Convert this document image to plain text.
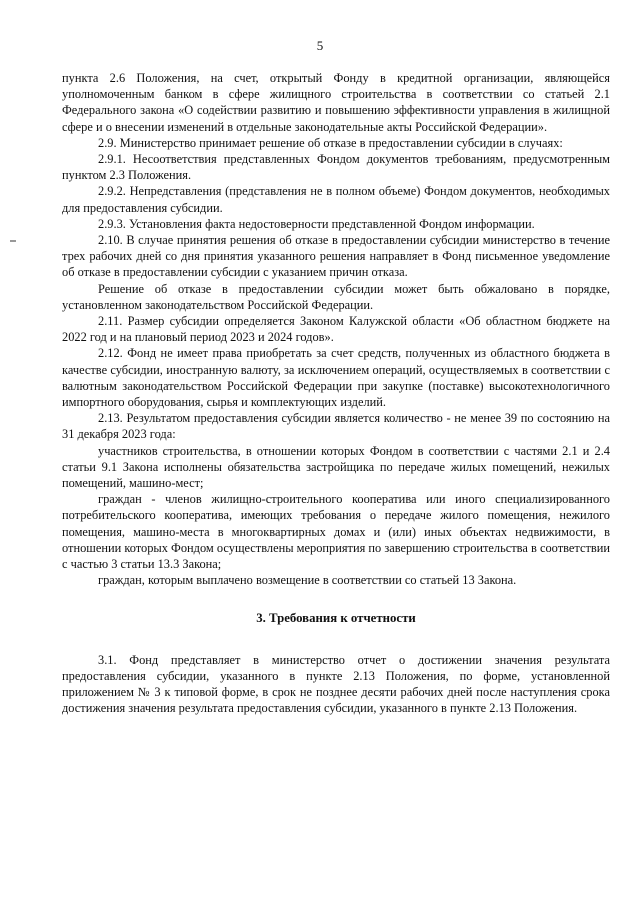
5

пункта 2.6 Положения, на счет, открытый Фонду в кредитной организации, являющейся уполномоченным банком в сфере жилищного строительства в соответствии со статьей 2.1 Федерального закона «О содействии развитию и повышению эффективности управления в жилищной сфере и о внесении изменений в отдельные законодательные акты Российской Федерации».

2.9. Министерство принимает решение об отказе в предоставлении субсидии в случаях:

2.9.1. Несоответствия представленных Фондом документов требованиям, предусмотренным пунктом 2.3 Положения.

2.9.2. Непредставления (представления не в полном объеме) Фондом документов, необходимых для предоставления субсидии.

2.9.3. Установления факта недостоверности представленной Фондом информации.

2.10. В случае принятия решения об отказе в предоставлении субсидии министерство в течение трех рабочих дней со дня принятия указанного решения направляет в Фонд письменное уведомление об отказе в предоставлении субсидии с указанием причин отказа.

Решение об отказе в предоставлении субсидии может быть обжаловано в порядке, установленном законодательством Российской Федерации.

2.11. Размер субсидии определяется Законом Калужской области «Об областном бюджете на 2022 год и на плановый период 2023 и 2024 годов».

2.12. Фонд не имеет права приобретать за счет средств, полученных из областного бюджета в качестве субсидии, иностранную валюту, за исключением операций, осуществляемых в соответствии с валютным законодательством Российской Федерации при закупке (поставке) высокотехнологичного импортного оборудования, сырья и комплектующих изделий.

2.13. Результатом предоставления субсидии является количество - не менее 39 по состоянию на 31 декабря 2023 года:

участников строительства, в отношении которых Фондом в соответствии с частями 2.1 и 2.4 статьи 9.1 Закона исполнены обязательства застройщика по передаче жилых помещений, нежилых помещений, машино-мест;

граждан - членов жилищно-строительного кооператива или иного специализированного потребительского кооператива, имеющих требования о передаче жилого помещения, нежилого помещения, машино-места в многоквартирных домах и (или) иных объектах недвижимости, в отношении которых Фондом осуществлены мероприятия по завершению строительства в соответствии с частью 3 статьи 13.3 Закона;

граждан, которым выплачено возмещение в соответствии со статьей 13 Закона.

3. Требования к отчетности

3.1. Фонд представляет в министерство отчет о достижении значения результата предоставления субсидии, указанного в пункте 2.13 Положения, по форме, установленной приложением № 3 к типовой форме, в срок не позднее десяти рабочих дней после наступления срока достижения значения результата предоставления субсидии, указанного в пункте 2.13 Положения.
